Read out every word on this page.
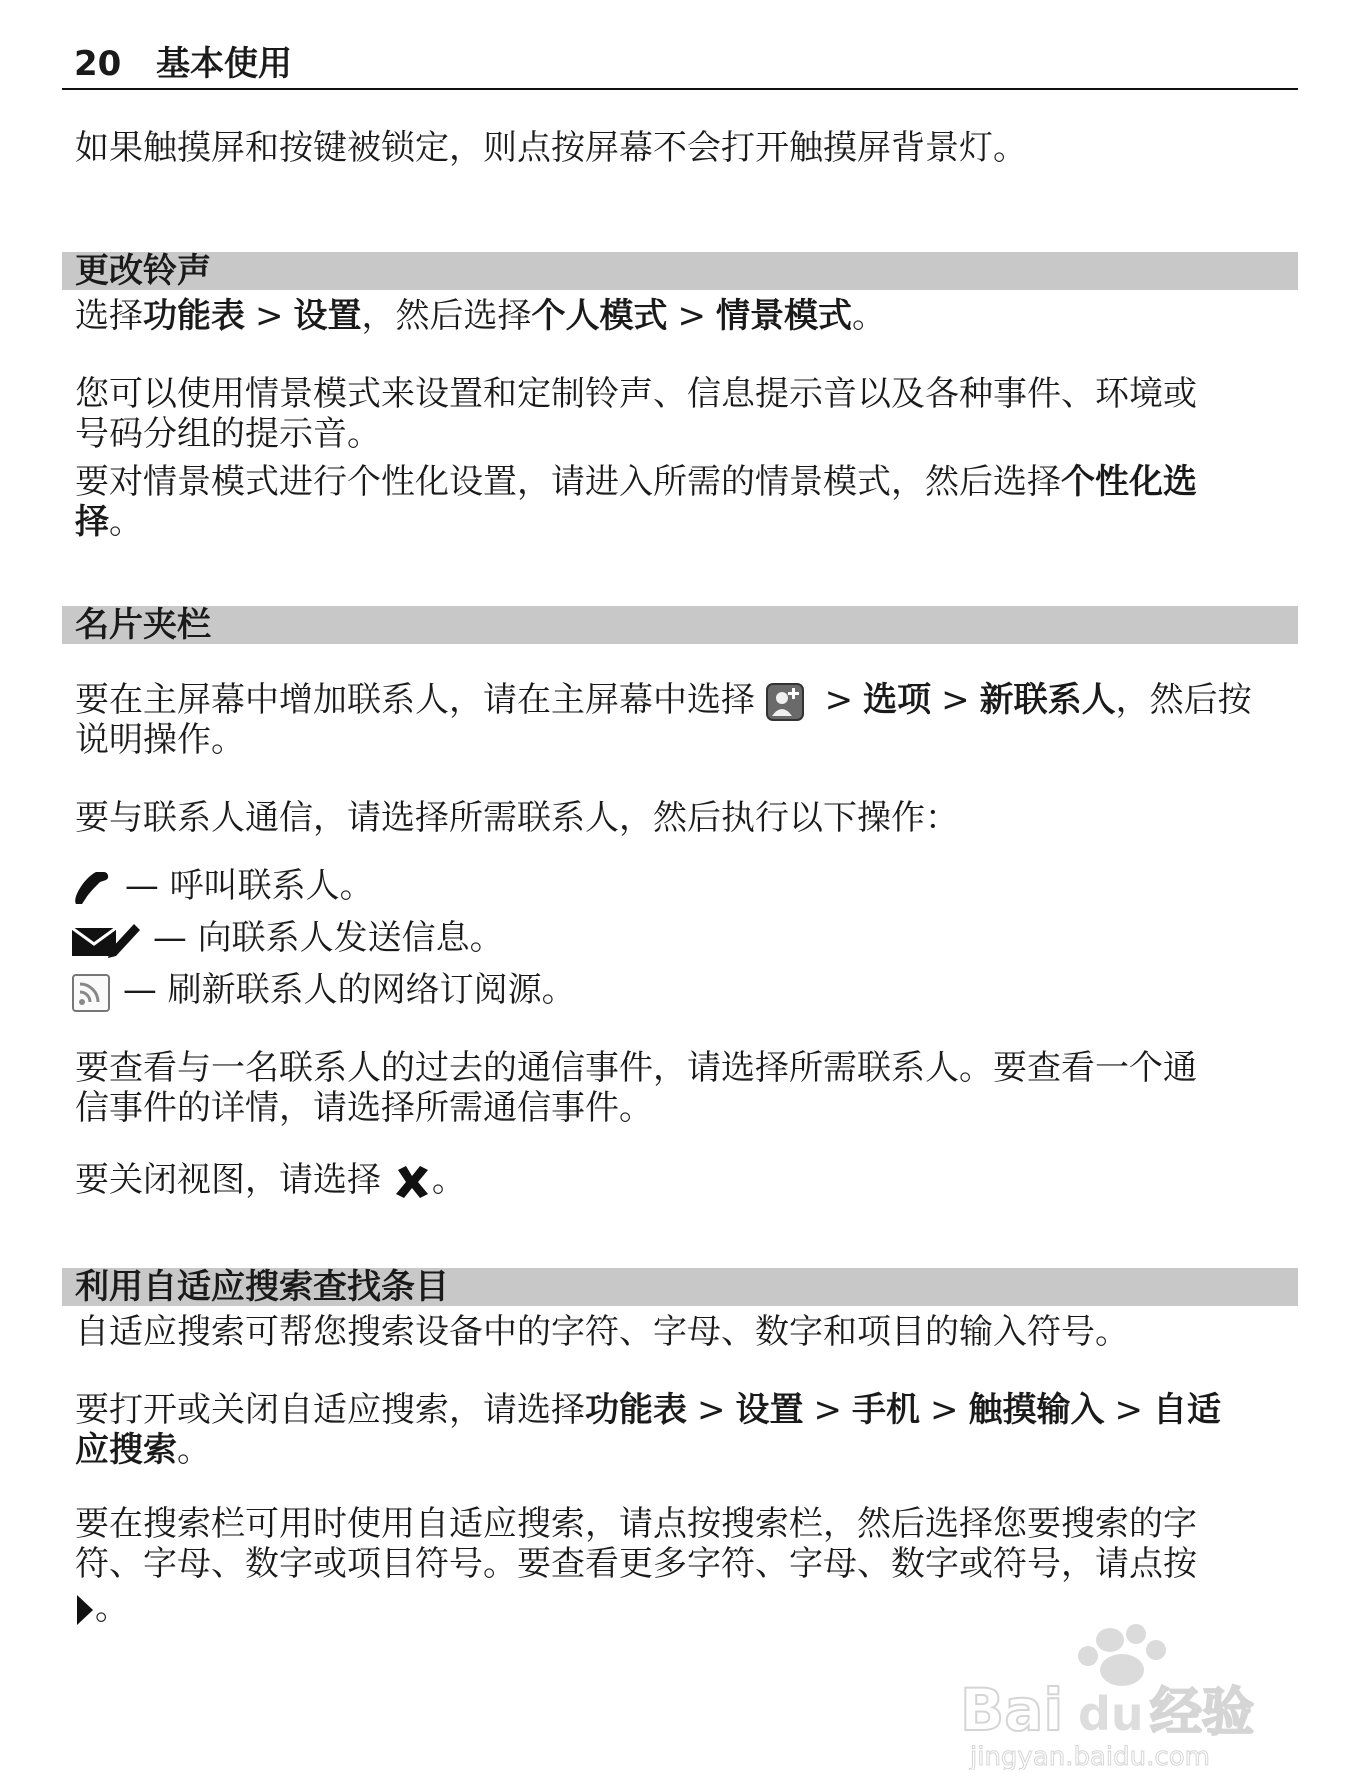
20 基本使用
如果触摸屏和按键被锁定，则点按屏幕不会打开触摸屏背景灯。
更改铃声
选择功能表 > 设置，然后选择个人模式 > 情景模式。
您可以使用情景模式来设置和定制铃声、信息提示音以及各种事件、环境或
号码分组的提示音。
要对情景模式进行个性化设置，请进入所需的情景模式，然后选择个性化选
择。
名片夹栏
要在主屏幕中增加联系人，请在主屏幕中选择 > 选项 > 新联系人，然后按
说明操作。
要与联系人通信，请选择所需联系人，然后执行以下操作：
— 呼叫联系人。
— 向联系人发送信息。
— 刷新联系人的网络订阅源。
要查看与一名联系人的过去的通信事件，请选择所需联系人。要查看一个通
信事件的详情，请选择所需通信事件。
要关闭视图，请选择 。
利用自适应搜索查找条目
自适应搜索可帮您搜索设备中的字符、字母、数字和项目的输入符号。
要打开或关闭自适应搜索，请选择功能表 > 设置 > 手机 > 触摸输入 > 自适
应搜索。
要在搜索栏可用时使用自适应搜索，请点按搜索栏，然后选择您要搜索的字
符、字母、数字或项目符号。要查看更多字符、字母、数字或符号，请点按
。
Bai du 经验
jingyan.baidu.com
